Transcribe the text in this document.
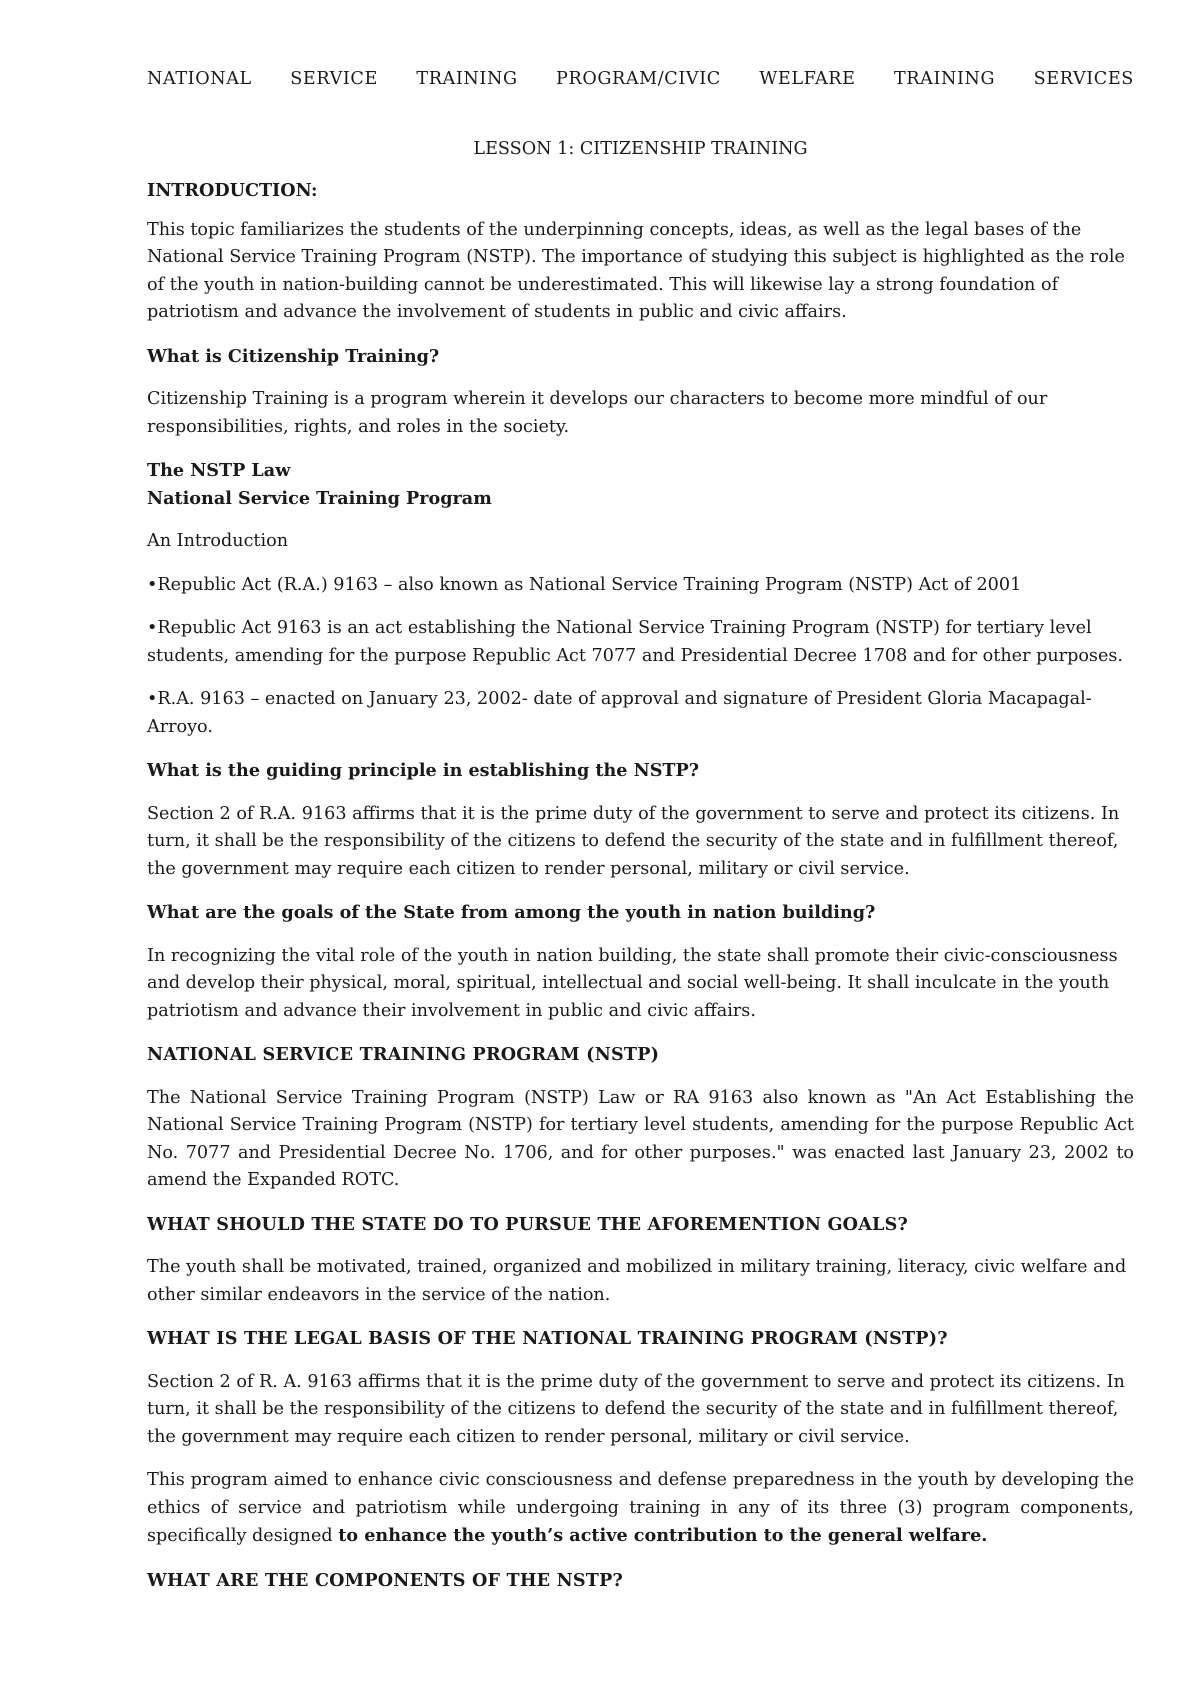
NATIONAL SERVICE TRAINING PROGRAM/CIVIC WELFARE TRAINING SERVICES
LESSON 1: CITIZENSHIP TRAINING
INTRODUCTION:

This topic familiarizes the students of the underpinning concepts, ideas, as well as the legal bases of the National Service Training Program (NSTP). The importance of studying this subject is highlighted as the role of the youth in nation-building cannot be underestimated. This will likewise lay a strong foundation of patriotism and advance the involvement of students in public and civic affairs.

What is Citizenship Training?

Citizenship Training is a program wherein it develops our characters to become more mindful of our responsibilities, rights, and roles in the society.

The NSTP Law
National Service Training Program

An Introduction

•Republic Act (R.A.) 9163 – also known as National Service Training Program (NSTP) Act of 2001

•Republic Act 9163 is an act establishing the National Service Training Program (NSTP) for tertiary level students, amending for the purpose Republic Act 7077 and Presidential Decree 1708 and for other purposes.

•R.A. 9163 – enacted on January 23, 2002- date of approval and signature of President Gloria Macapagal-Arroyo.

What is the guiding principle in establishing the NSTP?

Section 2 of R.A. 9163 affirms that it is the prime duty of the government to serve and protect its citizens. In turn, it shall be the responsibility of the citizens to defend the security of the state and in fulfillment thereof, the government may require each citizen to render personal, military or civil service.

What are the goals of the State from among the youth in nation building?

In recognizing the vital role of the youth in nation building, the state shall promote their civic-consciousness and develop their physical, moral, spiritual, intellectual and social well-being. It shall inculcate in the youth patriotism and advance their involvement in public and civic affairs.

NATIONAL SERVICE TRAINING PROGRAM (NSTP)

The National Service Training Program (NSTP) Law or RA 9163 also known as "An Act Establishing the National Service Training Program (NSTP) for tertiary level students, amending for the purpose Republic Act No. 7077 and Presidential Decree No. 1706, and for other purposes." was enacted last January 23, 2002 to amend the Expanded ROTC.

WHAT SHOULD THE STATE DO TO PURSUE THE AFOREMENTION GOALS?

The youth shall be motivated, trained, organized and mobilized in military training, literacy, civic welfare and other similar endeavors in the service of the nation.

WHAT IS THE LEGAL BASIS OF THE NATIONAL TRAINING PROGRAM (NSTP)?

Section 2 of R. A. 9163 affirms that it is the prime duty of the government to serve and protect its citizens. In turn, it shall be the responsibility of the citizens to defend the security of the state and in fulfillment thereof, the government may require each citizen to render personal, military or civil service.

This program aimed to enhance civic consciousness and defense preparedness in the youth by developing the ethics of service and patriotism while undergoing training in any of its three (3) program components, specifically designed to enhance the youth’s active contribution to the general welfare.

WHAT ARE THE COMPONENTS OF THE NSTP?
